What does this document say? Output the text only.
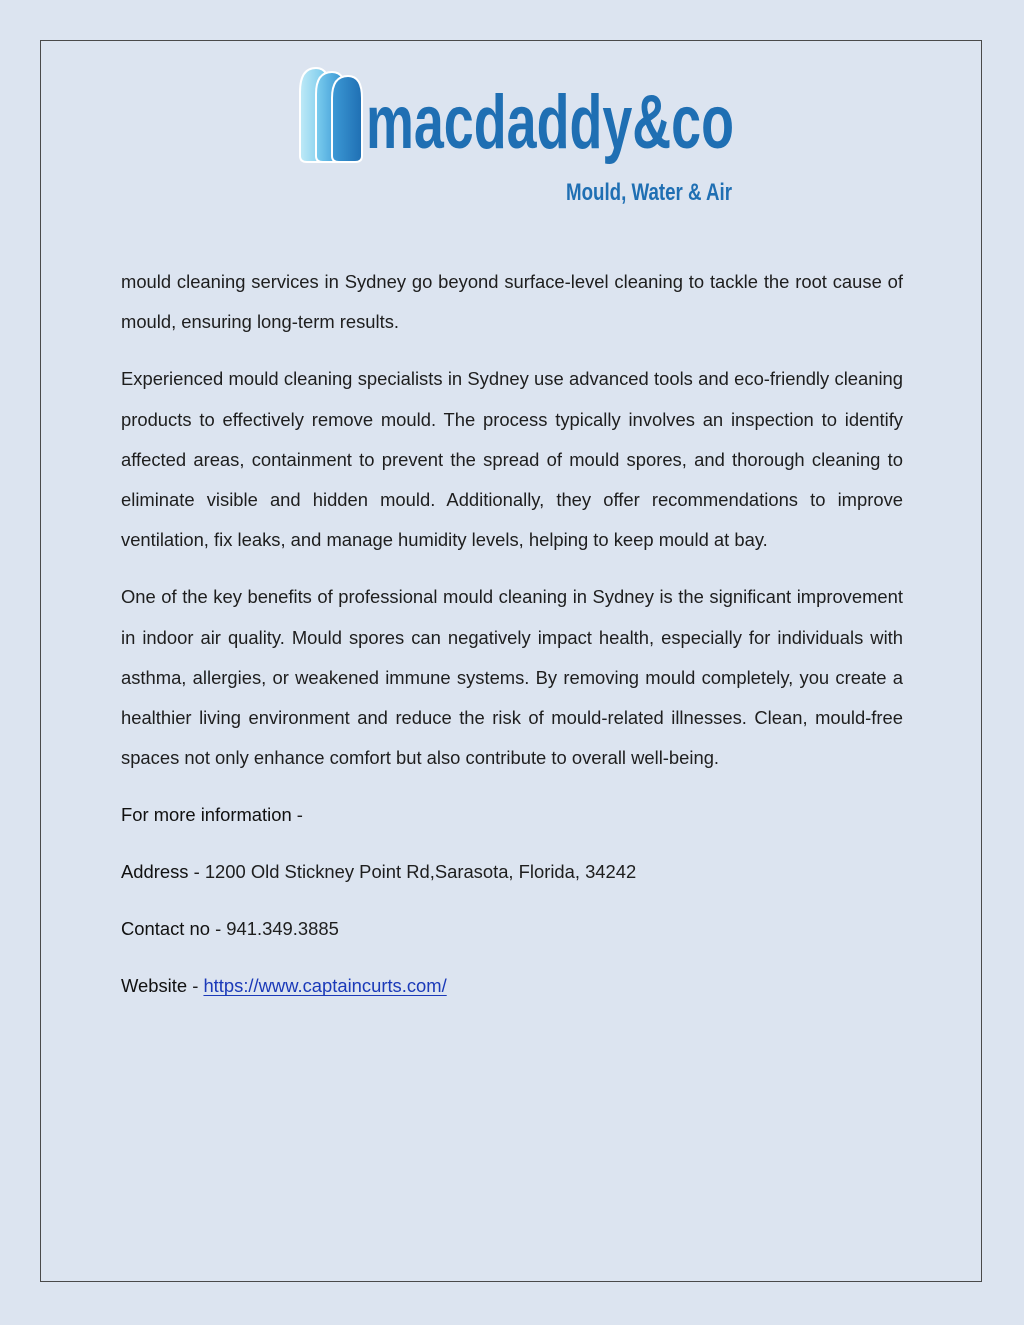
macdaddy&co
Mould, Water & Air

mould cleaning services in Sydney go beyond surface-level cleaning to tackle the root cause of mould, ensuring long-term results.

Experienced mould cleaning specialists in Sydney use advanced tools and eco-friendly cleaning products to effectively remove mould. The process typically involves an inspection to identify affected areas, containment to prevent the spread of mould spores, and thorough cleaning to eliminate visible and hidden mould. Additionally, they offer recommendations to improve ventilation, fix leaks, and manage humidity levels, helping to keep mould at bay.

One of the key benefits of professional mould cleaning in Sydney is the significant improvement in indoor air quality. Mould spores can negatively impact health, especially for individuals with asthma, allergies, or weakened immune systems. By removing mould completely, you create a healthier living environment and reduce the risk of mould-related illnesses. Clean, mould-free spaces not only enhance comfort but also contribute to overall well-being.

For more information -

Address - 1200 Old Stickney Point Rd,Sarasota, Florida, 34242

Contact no - 941.349.3885

Website - https://www.captaincurts.com/
